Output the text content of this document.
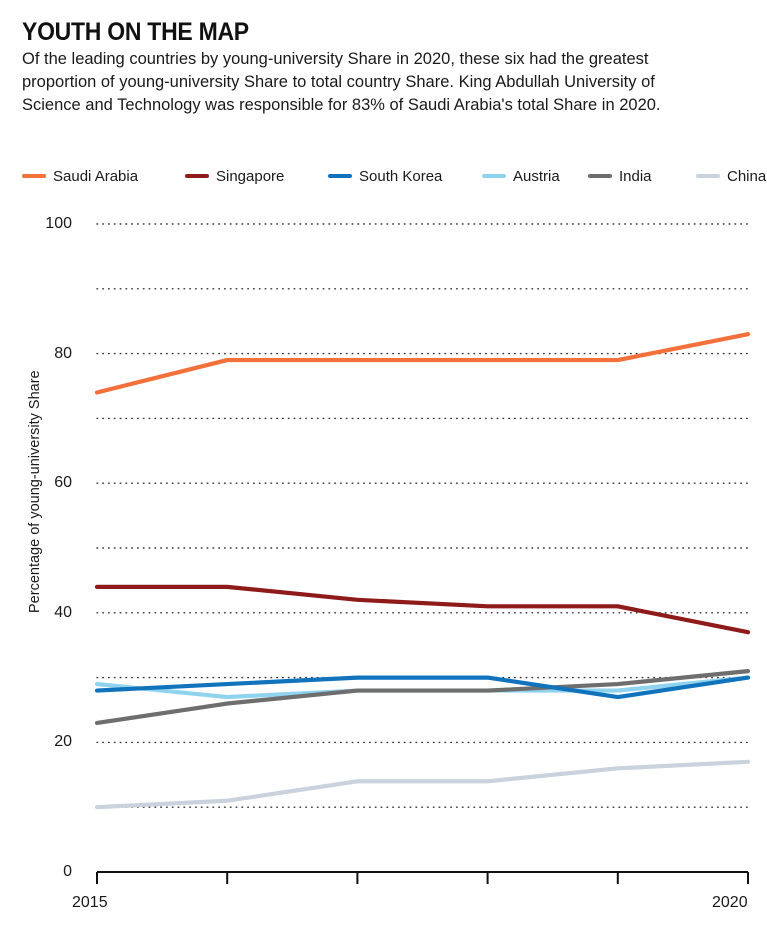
YOUTH ON THE MAP
Of the leading countries by young-university Share in 2020, these six had the greatest proportion of young-university Share to total country Share. King Abdullah University of Science and Technology was responsible for 83% of Saudi Arabia's total Share in 2020.
Saudi Arabia	Singapore	South Korea	Austria	India	China
Percentage of young-university Share
0
20
40
60
80
100
2015	2020
